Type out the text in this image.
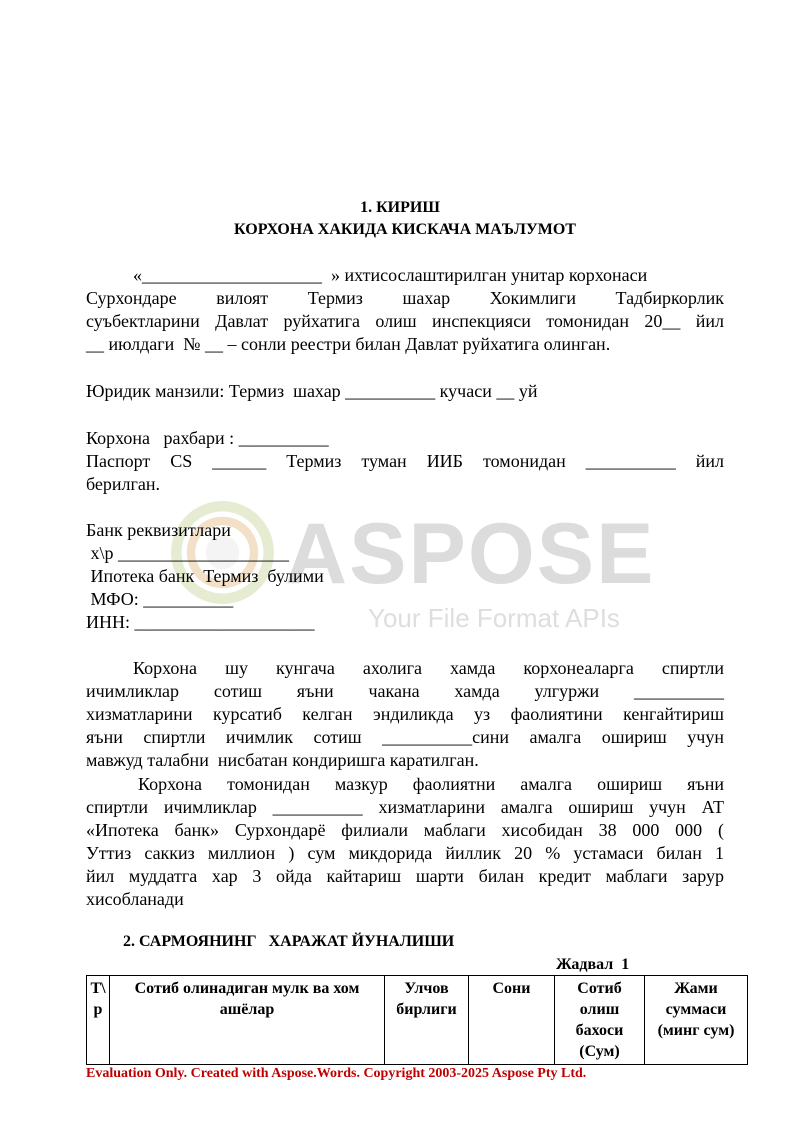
ASPOSE
Your File Format APIs
1. КИРИШ
КОРХОНА ХАКИДА КИСКАЧА МАЪЛУМОТ
«____________________  » ихтисослаштирилган унитар корхонаси
Сурхондаре вилоят Термиз шахар Хокимлиги Тадбиркорлик
суъбектларини Давлат руйхатига олиш инспекцияси томонидан 20__ йил
__ июлдаги  № __ – сонли реестри билан Давлат руйхатига олинган.
Юридик манзили: Термиз  шахар __________ кучаси __ уй
Корхона   рахбари : __________
Паспорт CS ______ Термиз туман ИИБ томонидан __________ йил
берилган.
Банк реквизитлари
х\р ___________________
Ипотека банк  Термиз  булими
МФО: __________
ИНН: ____________________
Корхона шу кунгача ахолига хамда корхонеаларга спиртли
ичимликлар сотиш яъни чакана хамда улгуржи __________
хизматларини курсатиб келган эндиликда уз фаолиятини кенгайтириш
яъни спиртли ичимлик сотиш __________сини амалга ошириш учун
мавжуд талабни  нисбатан кондиришга каратилган.
Корхона томонидан мазкур фаолиятни амалга ошириш яъни
спиртли ичимликлар __________ хизматларини амалга ошириш учун АТ
«Ипотека банк» Сурхондарё филиали маблаги хисобидан 38 000 000 (
Уттиз саккиз миллион ) сум микдорида йиллик 20 % устамаси билан 1
йил муддатга хар 3 ойда кайтариш шарти билан кредит маблаги зарур
хисобланади
2. САРМОЯНИНГ   ХАРАЖАТ ЙУНАЛИШИ
Жадвал  1
Т\ р	Сотиб олинадиган мулк ва хом ашёлар	Улчов бирлиги	Сони	Сотиб олиш бахоси (Сум)	Жами суммаси (минг сум)
Evaluation Only. Created with Aspose.Words. Copyright 2003-2025 Aspose Pty Ltd.
